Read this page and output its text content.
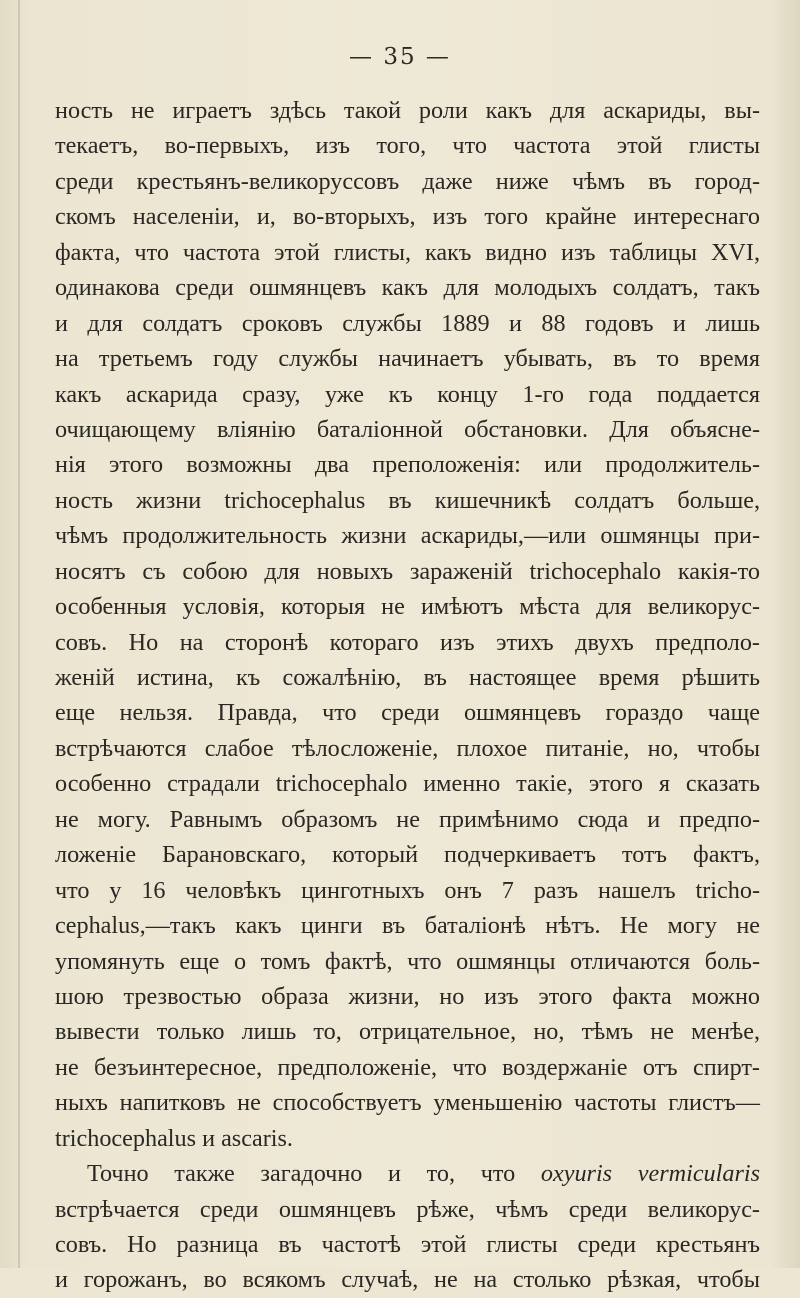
— 35 —
ность не играетъ здѣсь такой роли какъ для аскариды, вы-
текаетъ, во-первыхъ, изъ того, что частота этой глисты
среди крестьянъ-великоруссовъ даже ниже чѣмъ въ город-
скомъ населеніи, и, во-вторыхъ, изъ того крайне интереснаго
факта, что частота этой глисты, какъ видно изъ таблицы XVI,
одинакова среди ошмянцевъ какъ для молодыхъ солдатъ, такъ
и для солдатъ сроковъ службы 1889 и 88 годовъ и лишь
на третьемъ году службы начинаетъ убывать, въ то время
какъ аскарида сразу, уже къ концу 1-го года поддается
очищающему вліянію баталіонной обстановки. Для объясне-
нія этого возможны два преположенія: или продолжитель-
ность жизни trichocephalus въ кишечникѣ солдатъ больше,
чѣмъ продолжительность жизни аскариды,—или ошмянцы при-
носятъ съ собою для новыхъ зараженій trichocephalo какія-то
особенныя условія, которыя не имѣютъ мѣста для великорус-
совъ. Но на сторонѣ котораго изъ этихъ двухъ предполо-
женій истина, къ сожалѣнію, въ настоящее время рѣшить
еще нельзя. Правда, что среди ошмянцевъ гораздо чаще
встрѣчаются слабое тѣлосложеніе, плохое питаніе, но, чтобы
особенно страдали trichocephalo именно такіе, этого я сказать
не могу. Равнымъ образомъ не примѣнимо сюда и предпо-
ложеніе Барановскаго, который подчеркиваетъ тотъ фактъ,
что у 16 человѣкъ цинготныхъ онъ 7 разъ нашелъ tricho-
cephalus,—такъ какъ цинги въ баталіонѣ нѣтъ. Не могу не
упомянуть еще о томъ фактѣ, что ошмянцы отличаются боль-
шою трезвостью образа жизни, но изъ этого факта можно
вывести только лишь то, отрицательное, но, тѣмъ не менѣе,
не безъинтересное, предположеніе, что воздержаніе отъ спирт-
ныхъ напитковъ не способствуетъ уменьшенію частоты глистъ—
trichocephalus и ascaris.
Точно также загадочно и то, что oxyuris vermicularis
встрѣчается среди ошмянцевъ рѣже, чѣмъ среди великорус-
совъ. Но разница въ частотѣ этой глисты среди крестьянъ
и горожанъ, во всякомъ случаѣ, не на столько рѣзкая, чтобы
